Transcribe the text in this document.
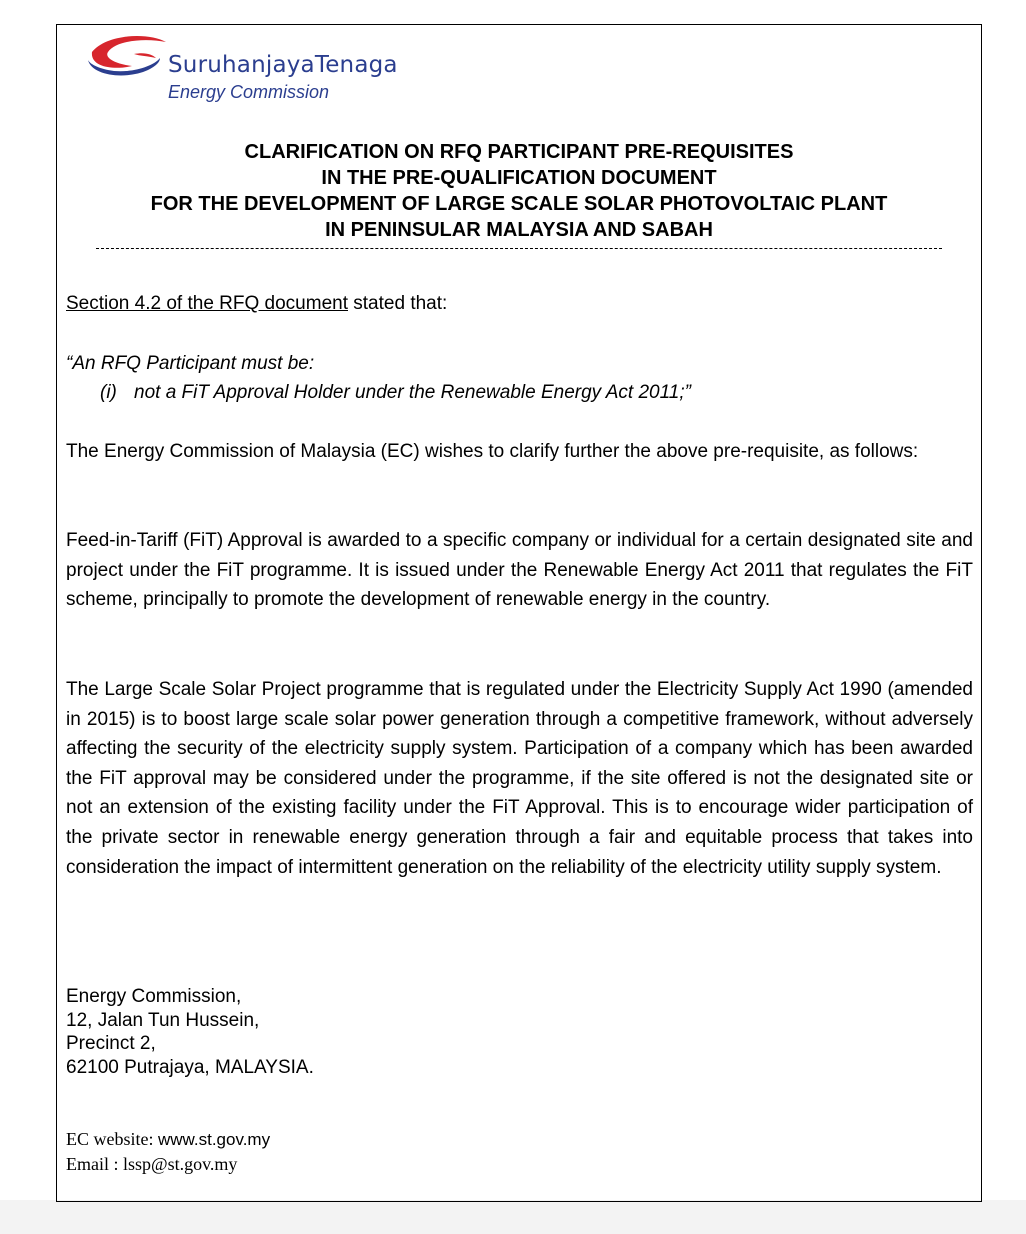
SuruhanjayaTenaga
Energy Commission
CLARIFICATION ON RFQ PARTICIPANT PRE-REQUISITES
IN THE PRE-QUALIFICATION DOCUMENT
FOR THE DEVELOPMENT OF LARGE SCALE SOLAR PHOTOVOLTAIC PLANT
IN PENINSULAR MALAYSIA AND SABAH
Section 4.2 of the RFQ document stated that:
“An RFQ Participant must be:
(i) not a FiT Approval Holder under the Renewable Energy Act 2011;”
The Energy Commission of Malaysia (EC) wishes to clarify further the above pre-requisite, as follows:
Feed-in-Tariff (FiT) Approval is awarded to a specific company or individual for a certain designated site and project under the FiT programme. It is issued under the Renewable Energy Act 2011 that regulates the FiT scheme, principally to promote the development of renewable energy in the country.
The Large Scale Solar Project programme that is regulated under the Electricity Supply Act 1990 (amended in 2015) is to boost large scale solar power generation through a competitive framework, without adversely affecting the security of the electricity supply system. Participation of a company which has been awarded the FiT approval may be considered under the programme, if the site offered is not the designated site or not an extension of the existing facility under the FiT Approval. This is to encourage wider participation of the private sector in renewable energy generation through a fair and equitable process that takes into consideration the impact of intermittent generation on the reliability of the electricity utility supply system.
Energy Commission,
12, Jalan Tun Hussein,
Precinct 2,
62100 Putrajaya, MALAYSIA.
EC website: www.st.gov.my
Email : lssp@st.gov.my
